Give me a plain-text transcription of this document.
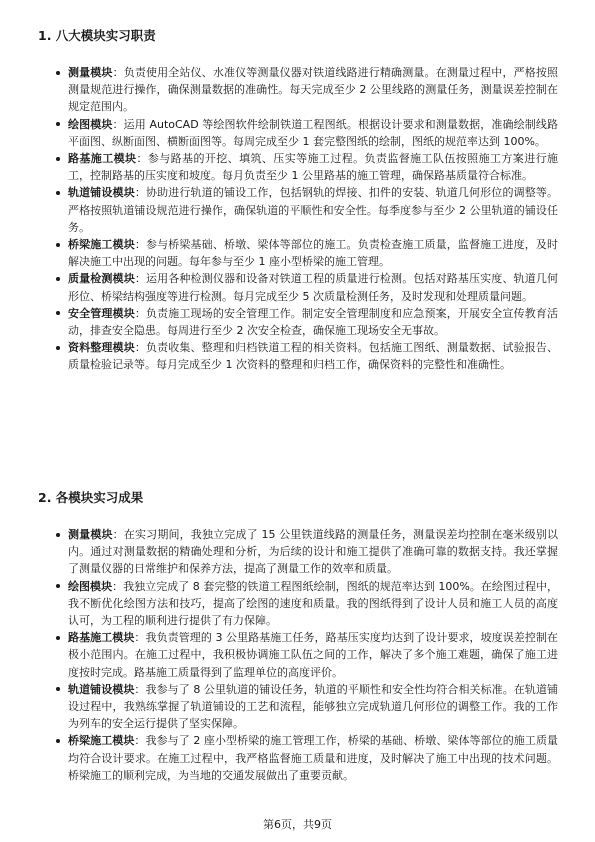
1. 八大模块实习职责
测量模块：负责使用全站仪、水准仪等测量仪器对铁道线路进行精确测量。在测量过程中，严格按照测量规范进行操作，确保测量数据的准确性。每天完成至少 2 公里线路的测量任务，测量误差控制在规定范围内。
绘图模块：运用 AutoCAD 等绘图软件绘制铁道工程图纸。根据设计要求和测量数据，准确绘制线路平面图、纵断面图、横断面图等。每周完成至少 1 套完整图纸的绘制，图纸的规范率达到 100%。
路基施工模块：参与路基的开挖、填筑、压实等施工过程。负责监督施工队伍按照施工方案进行施工，控制路基的压实度和坡度。每月负责至少 1 公里路基的施工管理，确保路基质量符合标准。
轨道铺设模块：协助进行轨道的铺设工作，包括钢轨的焊接、扣件的安装、轨道几何形位的调整等。严格按照轨道铺设规范进行操作，确保轨道的平顺性和安全性。每季度参与至少 2 公里轨道的铺设任务。
桥梁施工模块：参与桥梁基础、桥墩、梁体等部位的施工。负责检查施工质量，监督施工进度，及时解决施工中出现的问题。每年参与至少 1 座小型桥梁的施工管理。
质量检测模块：运用各种检测仪器和设备对铁道工程的质量进行检测。包括对路基压实度、轨道几何形位、桥梁结构强度等进行检测。每月完成至少 5 次质量检测任务，及时发现和处理质量问题。
安全管理模块：负责施工现场的安全管理工作。制定安全管理制度和应急预案，开展安全宣传教育活动，排查安全隐患。每周进行至少 2 次安全检查，确保施工现场安全无事故。
资料整理模块：负责收集、整理和归档铁道工程的相关资料。包括施工图纸、测量数据、试验报告、质量检验记录等。每月完成至少 1 次资料的整理和归档工作，确保资料的完整性和准确性。
2. 各模块实习成果
测量模块：在实习期间，我独立完成了 15 公里铁道线路的测量任务，测量误差均控制在毫米级别以内。通过对测量数据的精确处理和分析，为后续的设计和施工提供了准确可靠的数据支持。我还掌握了测量仪器的日常维护和保养方法，提高了测量工作的效率和质量。
绘图模块：我独立完成了 8 套完整的铁道工程图纸绘制，图纸的规范率达到 100%。在绘图过程中，我不断优化绘图方法和技巧，提高了绘图的速度和质量。我的图纸得到了设计人员和施工人员的高度认可，为工程的顺利进行提供了有力保障。
路基施工模块：我负责管理的 3 公里路基施工任务，路基压实度均达到了设计要求，坡度误差控制在极小范围内。在施工过程中，我积极协调施工队伍之间的工作，解决了多个施工难题，确保了施工进度按时完成。路基施工质量得到了监理单位的高度评价。
轨道铺设模块：我参与了 8 公里轨道的铺设任务，轨道的平顺性和安全性均符合相关标准。在轨道铺设过程中，我熟练掌握了轨道铺设的工艺和流程，能够独立完成轨道几何形位的调整工作。我的工作为列车的安全运行提供了坚实保障。
桥梁施工模块：我参与了 2 座小型桥梁的施工管理工作，桥梁的基础、桥墩、梁体等部位的施工质量均符合设计要求。在施工过程中，我严格监督施工质量和进度，及时解决了施工中出现的技术问题。桥梁施工的顺利完成，为当地的交通发展做出了重要贡献。
第6页，共9页
